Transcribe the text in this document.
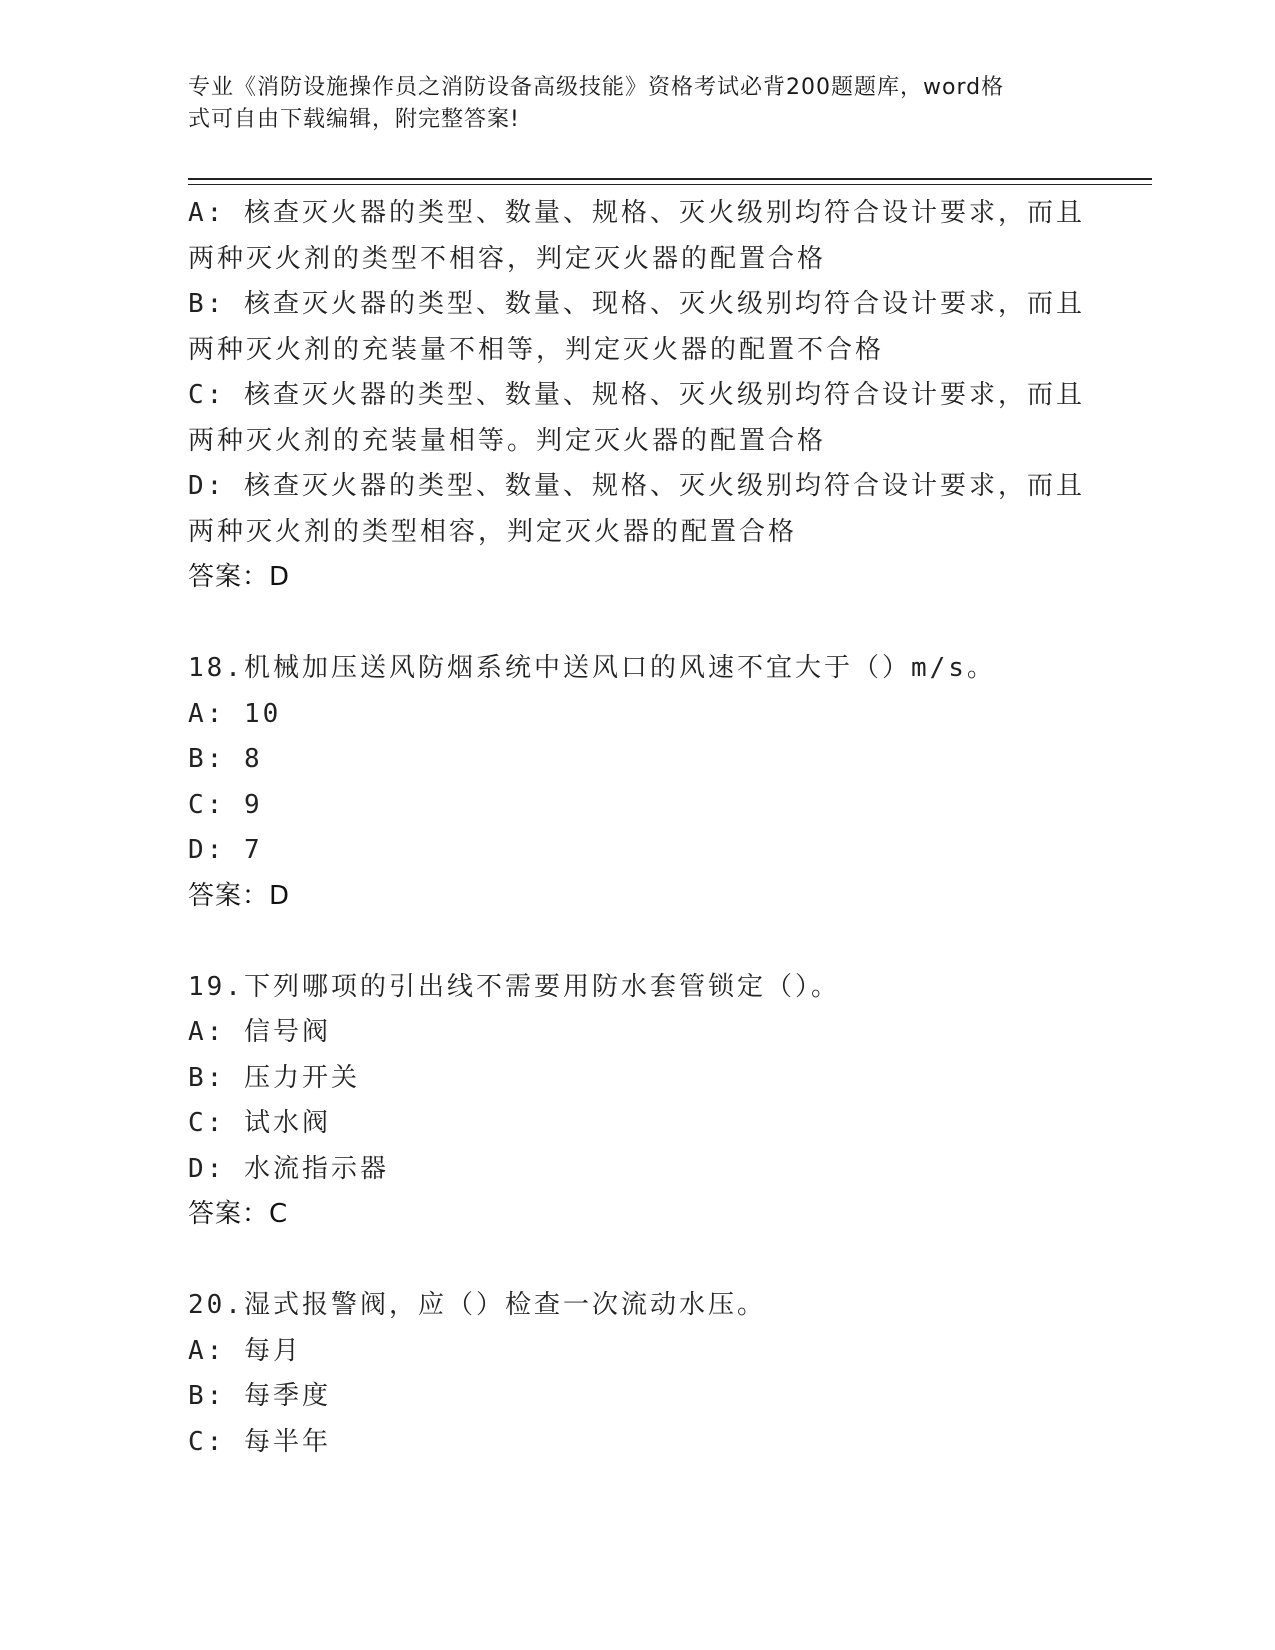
专业《消防设施操作员之消防设备高级技能》资格考试必背200题题库，word格
式可自由下载编辑，附完整答案!
A: 核查灭火器的类型、数量、规格、灭火级别均符合设计要求，而且
两种灭火剂的类型不相容，判定灭火器的配置合格
B: 核查灭火器的类型、数量、现格、灭火级别均符合设计要求，而且
两种灭火剂的充装量不相等，判定灭火器的配置不合格
C: 核查灭火器的类型、数量、规格、灭火级别均符合设计要求，而且
两种灭火剂的充装量相等。判定灭火器的配置合格
D: 核查灭火器的类型、数量、规格、灭火级别均符合设计要求，而且
两种灭火剂的类型相容，判定灭火器的配置合格
答案：D
18.机械加压送风防烟系统中送风口的风速不宜大于（）m/s。
A: 10
B: 8
C: 9
D: 7
答案：D
19.下列哪项的引出线不需要用防水套管锁定（）。
A: 信号阀
B: 压力开关
C: 试水阀
D: 水流指示器
答案：C
20.湿式报警阀，应（）检查一次流动水压。
A: 每月
B: 每季度
C: 每半年
